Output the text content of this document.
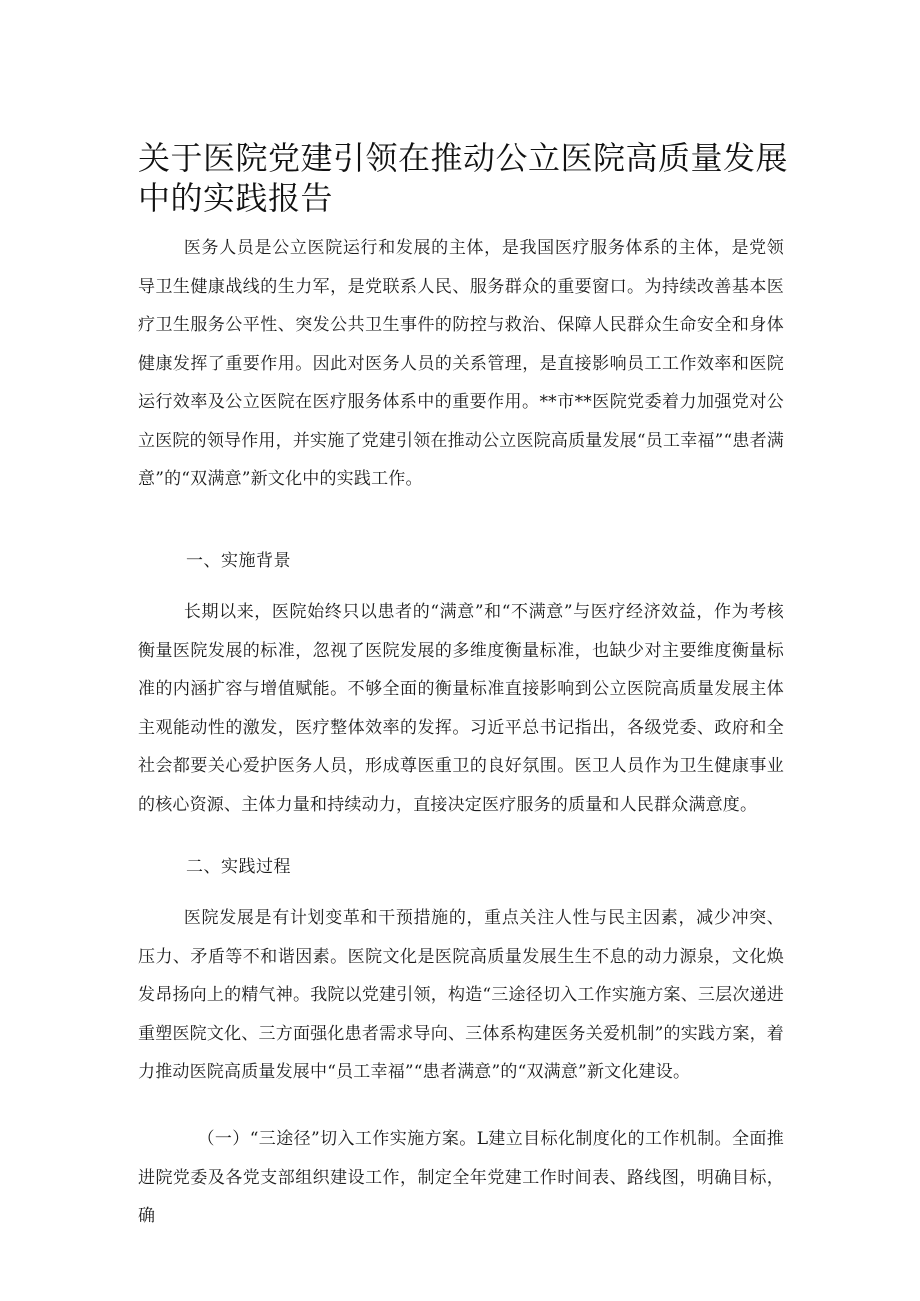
关于医院党建引领在推动公立医院高质量发展中的实践报告

医务人员是公立医院运行和发展的主体，是我国医疗服务体系的主体，是党领导卫生健康战线的生力军，是党联系人民、服务群众的重要窗口。为持续改善基本医疗卫生服务公平性、突发公共卫生事件的防控与救治、保障人民群众生命安全和身体健康发挥了重要作用。因此对医务人员的关系管理，是直接影响员工工作效率和医院运行效率及公立医院在医疗服务体系中的重要作用。**市**医院党委着力加强党对公立医院的领导作用，并实施了党建引领在推动公立医院高质量发展“员工幸福”“患者满意”的“双满意”新文化中的实践工作。

一、实施背景

长期以来，医院始终只以患者的“满意”和“不满意”与医疗经济效益，作为考核衡量医院发展的标准，忽视了医院发展的多维度衡量标准，也缺少对主要维度衡量标准的内涵扩容与增值赋能。不够全面的衡量标准直接影响到公立医院高质量发展主体主观能动性的激发，医疗整体效率的发挥。习近平总书记指出，各级党委、政府和全社会都要关心爱护医务人员，形成尊医重卫的良好氛围。医卫人员作为卫生健康事业的核心资源、主体力量和持续动力，直接决定医疗服务的质量和人民群众满意度。

二、实践过程

医院发展是有计划变革和干预措施的，重点关注人性与民主因素，减少冲突、压力、矛盾等不和谐因素。医院文化是医院高质量发展生生不息的动力源泉，文化焕发昂扬向上的精气神。我院以党建引领，构造“三途径切入工作实施方案、三层次递进重塑医院文化、三方面强化患者需求导向、三体系构建医务关爱机制”的实践方案，着力推动医院高质量发展中“员工幸福”“患者满意”的“双满意”新文化建设。

（一）“三途径”切入工作实施方案。L建立目标化制度化的工作机制。全面推进院党委及各党支部组织建设工作，制定全年党建工作时间表、路线图，明确目标，确
